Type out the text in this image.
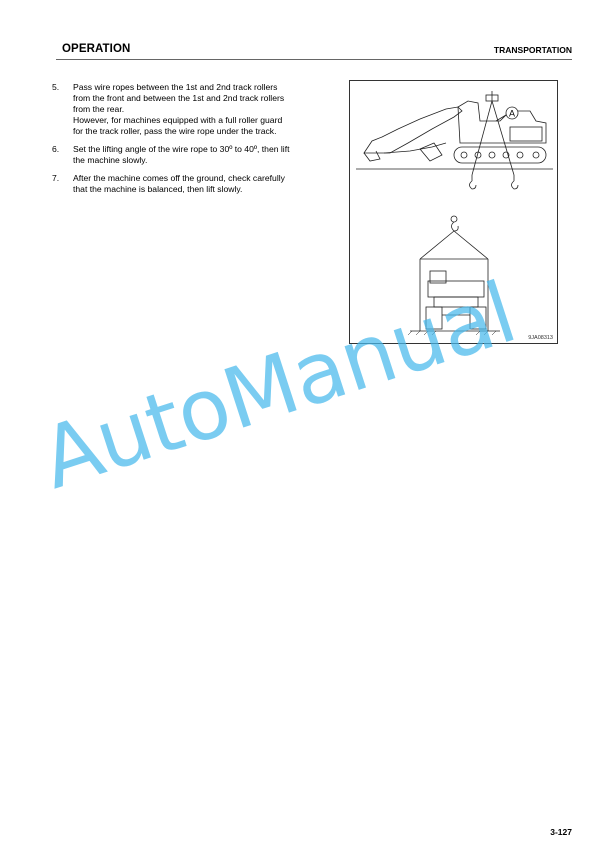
OPERATION	TRANSPORTATION
5.	Pass wire ropes between the 1st and 2nd track rollers
from the front and between the 1st and 2nd track rollers
from the rear.
However, for machines equipped with a full roller guard
for the track roller, pass the wire rope under the track.
6.	Set the lifting angle of the wire rope to 30º to 40º, then lift
the machine slowly.
7.	After the machine comes off the ground, check carefully
that the machine is balanced, then lift slowly.
A
9JA08313
AutoManual
3-127
